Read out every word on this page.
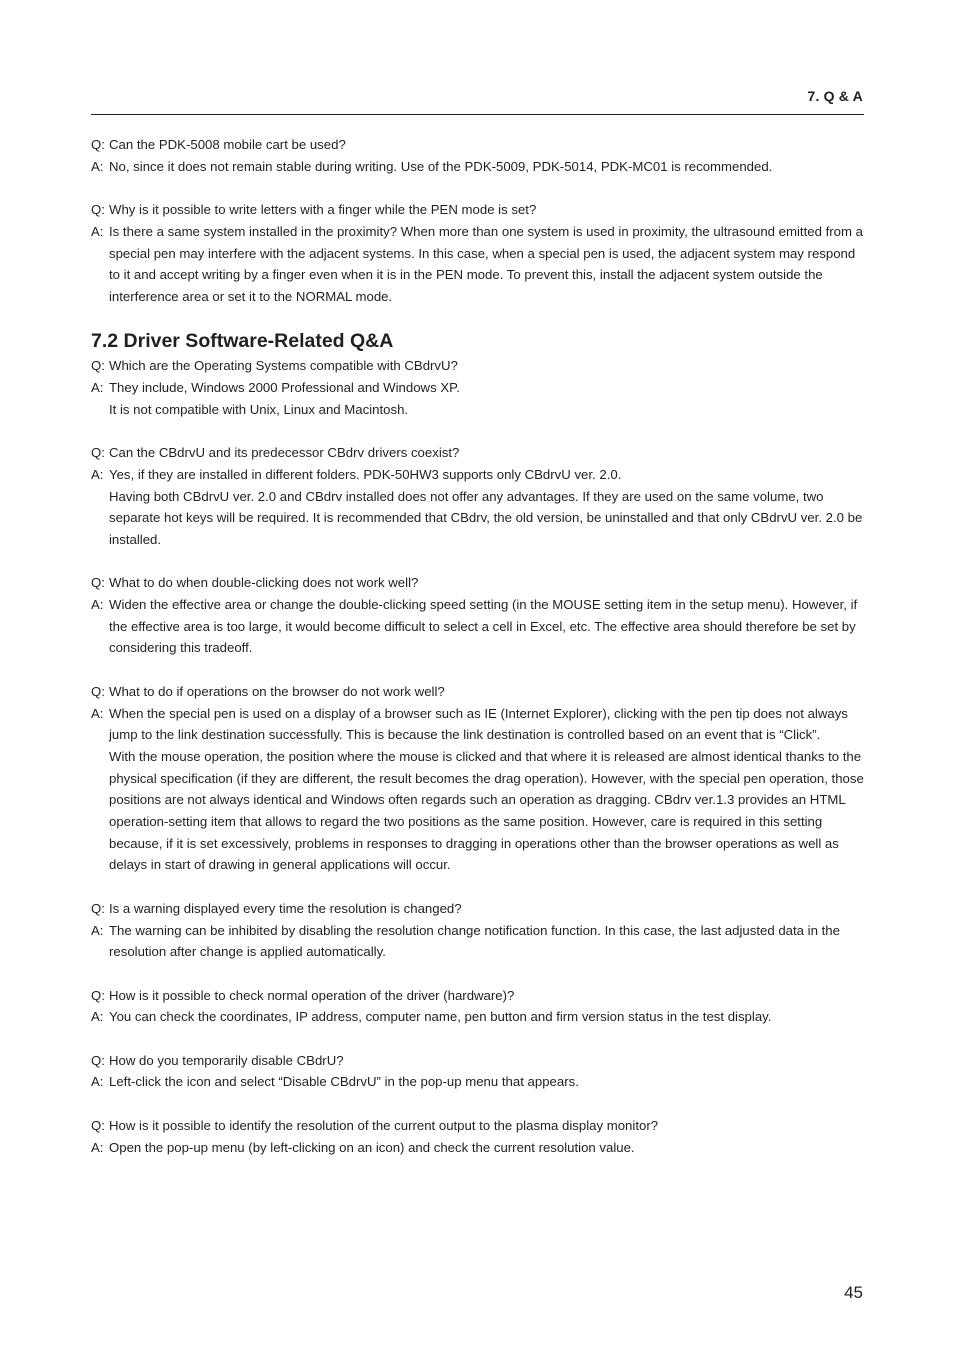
7. Q & A
Q: Can the PDK-5008 mobile cart be used?
A: No, since it does not remain stable during writing. Use of the PDK-5009, PDK-5014, PDK-MC01 is recommended.

Q: Why is it possible to write letters with a finger while the PEN mode is set?
A: Is there a same system installed in the proximity? When more than one system is used in proximity, the ultrasound emitted from a special pen may interfere with the adjacent systems. In this case, when a special pen is used, the adjacent system may respond to it and accept writing by a finger even when it is in the PEN mode. To prevent this, install the adjacent system outside the interference area or set it to the NORMAL mode.

7.2 Driver Software-Related Q&A
Q: Which are the Operating Systems compatible with CBdrvU?
A: They include, Windows 2000 Professional and Windows XP.

It is not compatible with Unix, Linux and Macintosh.

Q: Can the CBdrvU and its predecessor CBdrv drivers coexist?
A: Yes, if they are installed in different folders. PDK-50HW3 supports only CBdrvU ver. 2.0.

Having both CBdrvU ver. 2.0 and CBdrv installed does not offer any advantages. If they are used on the same volume, two separate hot keys will be required. It is recommended that CBdrv, the old version, be uninstalled and that only CBdrvU ver. 2.0 be installed.

Q: What to do when double-clicking does not work well?
A: Widen the effective area or change the double-clicking speed setting (in the MOUSE setting item in the setup menu). However, if the effective area is too large, it would become difficult to select a cell in Excel, etc. The effective area should therefore be set by considering this tradeoff.

Q: What to do if operations on the browser do not work well?
A: When the special pen is used on a display of a browser such as IE (Internet Explorer), clicking with the pen tip does not always jump to the link destination successfully. This is because the link destination is controlled based on an event that is “Click”.

With the mouse operation, the position where the mouse is clicked and that where it is released are almost identical thanks to the physical specification (if they are different, the result becomes the drag operation). However, with the special pen operation, those positions are not always identical and Windows often regards such an operation as dragging. CBdrv ver.1.3 provides an HTML operation-setting item that allows to regard the two positions as the same position. However, care is required in this setting because, if it is set excessively, problems in responses to dragging in operations other than the browser operations as well as delays in start of drawing in general applications will occur.

Q: Is a warning displayed every time the resolution is changed?
A: The warning can be inhibited by disabling the resolution change notification function. In this case, the last adjusted data in the resolution after change is applied automatically.

Q: How is it possible to check normal operation of the driver (hardware)?
A: You can check the coordinates, IP address, computer name, pen button and firm version status in the test display.

Q: How do you temporarily disable CBdrU?
A: Left-click the icon and select “Disable CBdrvU” in the pop-up menu that appears.

Q: How is it possible to identify the resolution of the current output to the plasma display monitor?
A: Open the pop-up menu (by left-clicking on an icon) and check the current resolution value.

45
